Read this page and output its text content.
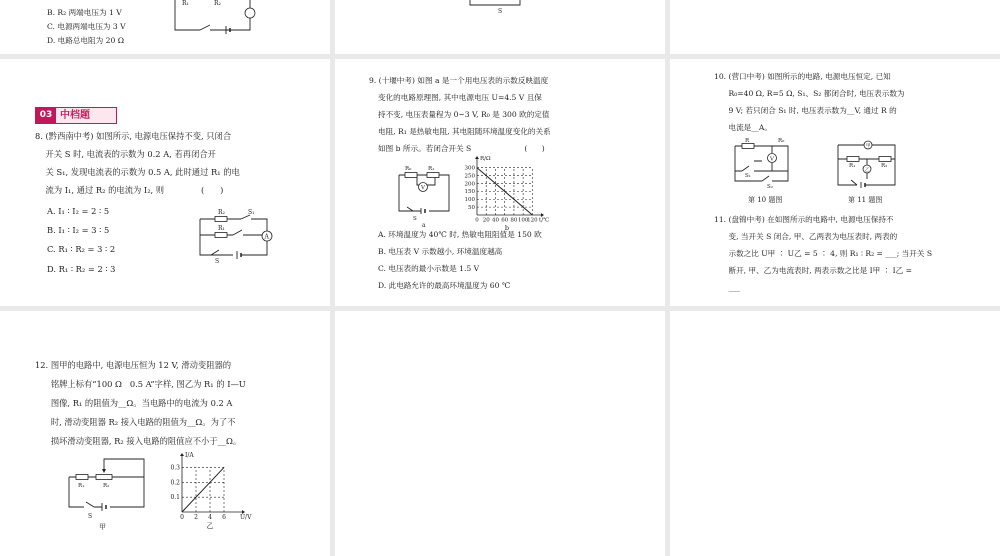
B. R₂ 两端电压为 1 V
C. 电源两端电压为 3 V
D. 电路总电阻为 20 Ω
R₁	R₂
S
03 中档题
8. (黔西南中考) 如图所示, 电源电压保持不变, 只闭合
开关 S 时, 电流表的示数为 0.2 A, 若再闭合开
关 S₁, 发现电流表的示数为 0.5 A, 此时通过 R₁ 的电
流为 I₁, 通过 R₂ 的电流为 I₂, 则              (      )
A. I₁ ∶ I₂ = 2 ∶ 5
B. I₁ ∶ I₂ = 3 ∶ 5
C. R₁ ∶ R₂ = 3 ∶ 2
D. R₁ ∶ R₂ = 2 ∶ 3
R₂
R₁
S₁
S
A
9. (十堰中考) 如图 a 是一个用电压表的示数反映温度
变化的电路原理图, 其中电源电压 U=4.5 V 且保
持不变, 电压表量程为 0~3 V, R₀ 是 300 欧的定值
电阻, R₁ 是热敏电阻, 其电阻随环境温度变化的关系
如图 b 所示。若闭合开关 S                      (      )
R₀	R₁
V
S
a
0 20 40 60 80 100
120
50
100
150
200
250
300
R/Ω
t/℃
b
A. 环境温度为 40℃ 时, 热敏电阻阻值是 150 欧
B. 电压表 V 示数越小, 环境温度越高
C. 电压表的最小示数是 1.5 V
D. 此电路允许的最高环境温度为 60 ℃
10. (营口中考) 如图所示的电路, 电源电压恒定, 已知
R₀=40 Ω, R=5 Ω, S₁、S₂ 都闭合时, 电压表示数为
9 V; 若只闭合 S₁ 时, 电压表示数为__V, 通过 R 的
电流是__A。
R	R₀
V
S₁
S₂
第 10 题图
甲
乙
R₁	R₂
第 11 题图
11. (盘锦中考) 在如图所示的电路中, 电源电压保持不
变, 当开关 S 闭合, 甲、乙两表为电压表时, 两表的
示数之比 U甲 ∶ U乙 = 5 ∶ 4, 则 R₁ ∶ R₂ = ___; 当开关 S
断开, 甲、乙为电流表时, 两表示数之比是 I甲 ∶ I乙 =
___
12. 图甲的电路中, 电源电压恒为 12 V, 滑动变阻器的
铭牌上标有“100 Ω   0.5 A”字样, 图乙为 R₁ 的 I—U
图像, R₁ 的阻值为__Ω。当电路中的电流为 0.2 A
时, 滑动变阻器 R₂ 接入电路的阻值为__Ω。为了不
损坏滑动变阻器, R₂ 接入电路的阻值应不小于__Ω。
R₁	R₂
S
甲
0 2 4 6
0.1
0.2
0.3
I/A
U/V
乙
